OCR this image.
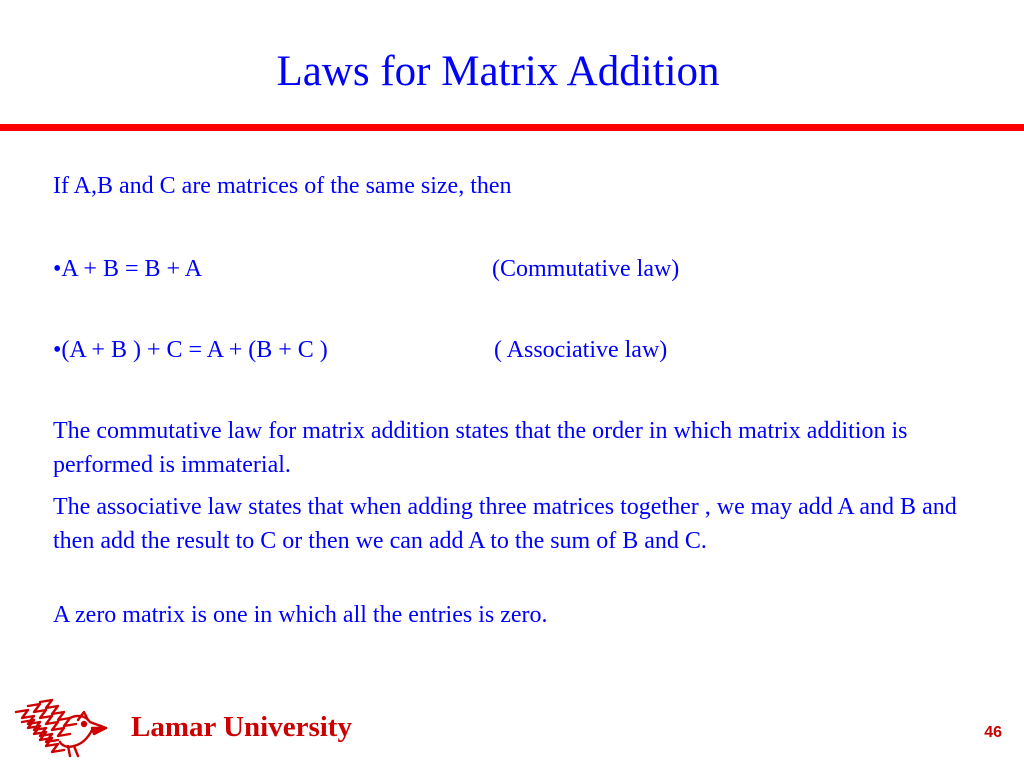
Laws for Matrix Addition
If A,B and C are matrices of the same size, then
•A + B = B + A	(Commutative law)
•(A + B ) + C = A + (B + C )	( Associative law)
The commutative law for matrix addition states that the order in which matrix addition is performed is immaterial.
The associative law states that when adding three matrices together , we may add A and B and then add the result to C or then we can add A to the sum of B and C.
A zero matrix is one in which all the entries is zero.
Lamar University	46
